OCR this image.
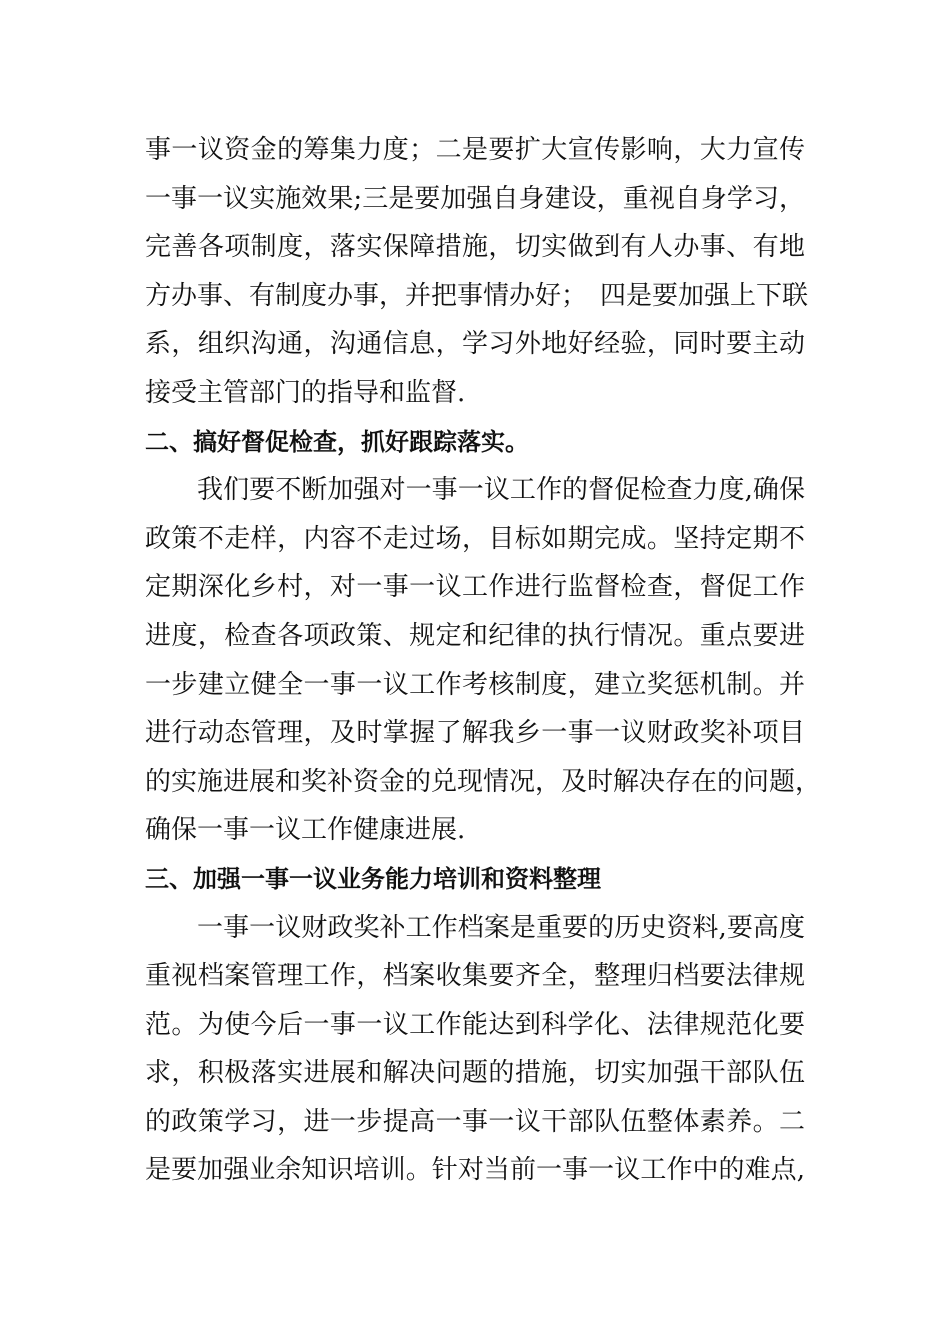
事一议资金的筹集力度；二是要扩大宣传影响，大力宣传
一事一议实施效果;三是要加强自身建设，重视自身学习，
完善各项制度，落实保障措施，切实做到有人办事、有地
方办事、有制度办事，并把事情办好；　四是要加强上下联
系，组织沟通，沟通信息，学习外地好经验，同时要主动
接受主管部门的指导和监督.
二、搞好督促检查，抓好跟踪落实。
我们要不断加强对一事一议工作的督促检查力度,确保
政策不走样，内容不走过场，目标如期完成。坚持定期不
定期深化乡村，对一事一议工作进行监督检查，督促工作
进度，检查各项政策、规定和纪律的执行情况。重点要进
一步建立健全一事一议工作考核制度，建立奖惩机制。并
进行动态管理，及时掌握了解我乡一事一议财政奖补项目
的实施进展和奖补资金的兑现情况，及时解决存在的问题，
确保一事一议工作健康进展.
三、加强一事一议业务能力培训和资料整理
一事一议财政奖补工作档案是重要的历史资料,要高度
重视档案管理工作，档案收集要齐全，整理归档要法律规
范。为使今后一事一议工作能达到科学化、法律规范化要
求，积极落实进展和解决问题的措施，切实加强干部队伍
的政策学习，进一步提高一事一议干部队伍整体素养。二
是要加强业余知识培训。针对当前一事一议工作中的难点,
